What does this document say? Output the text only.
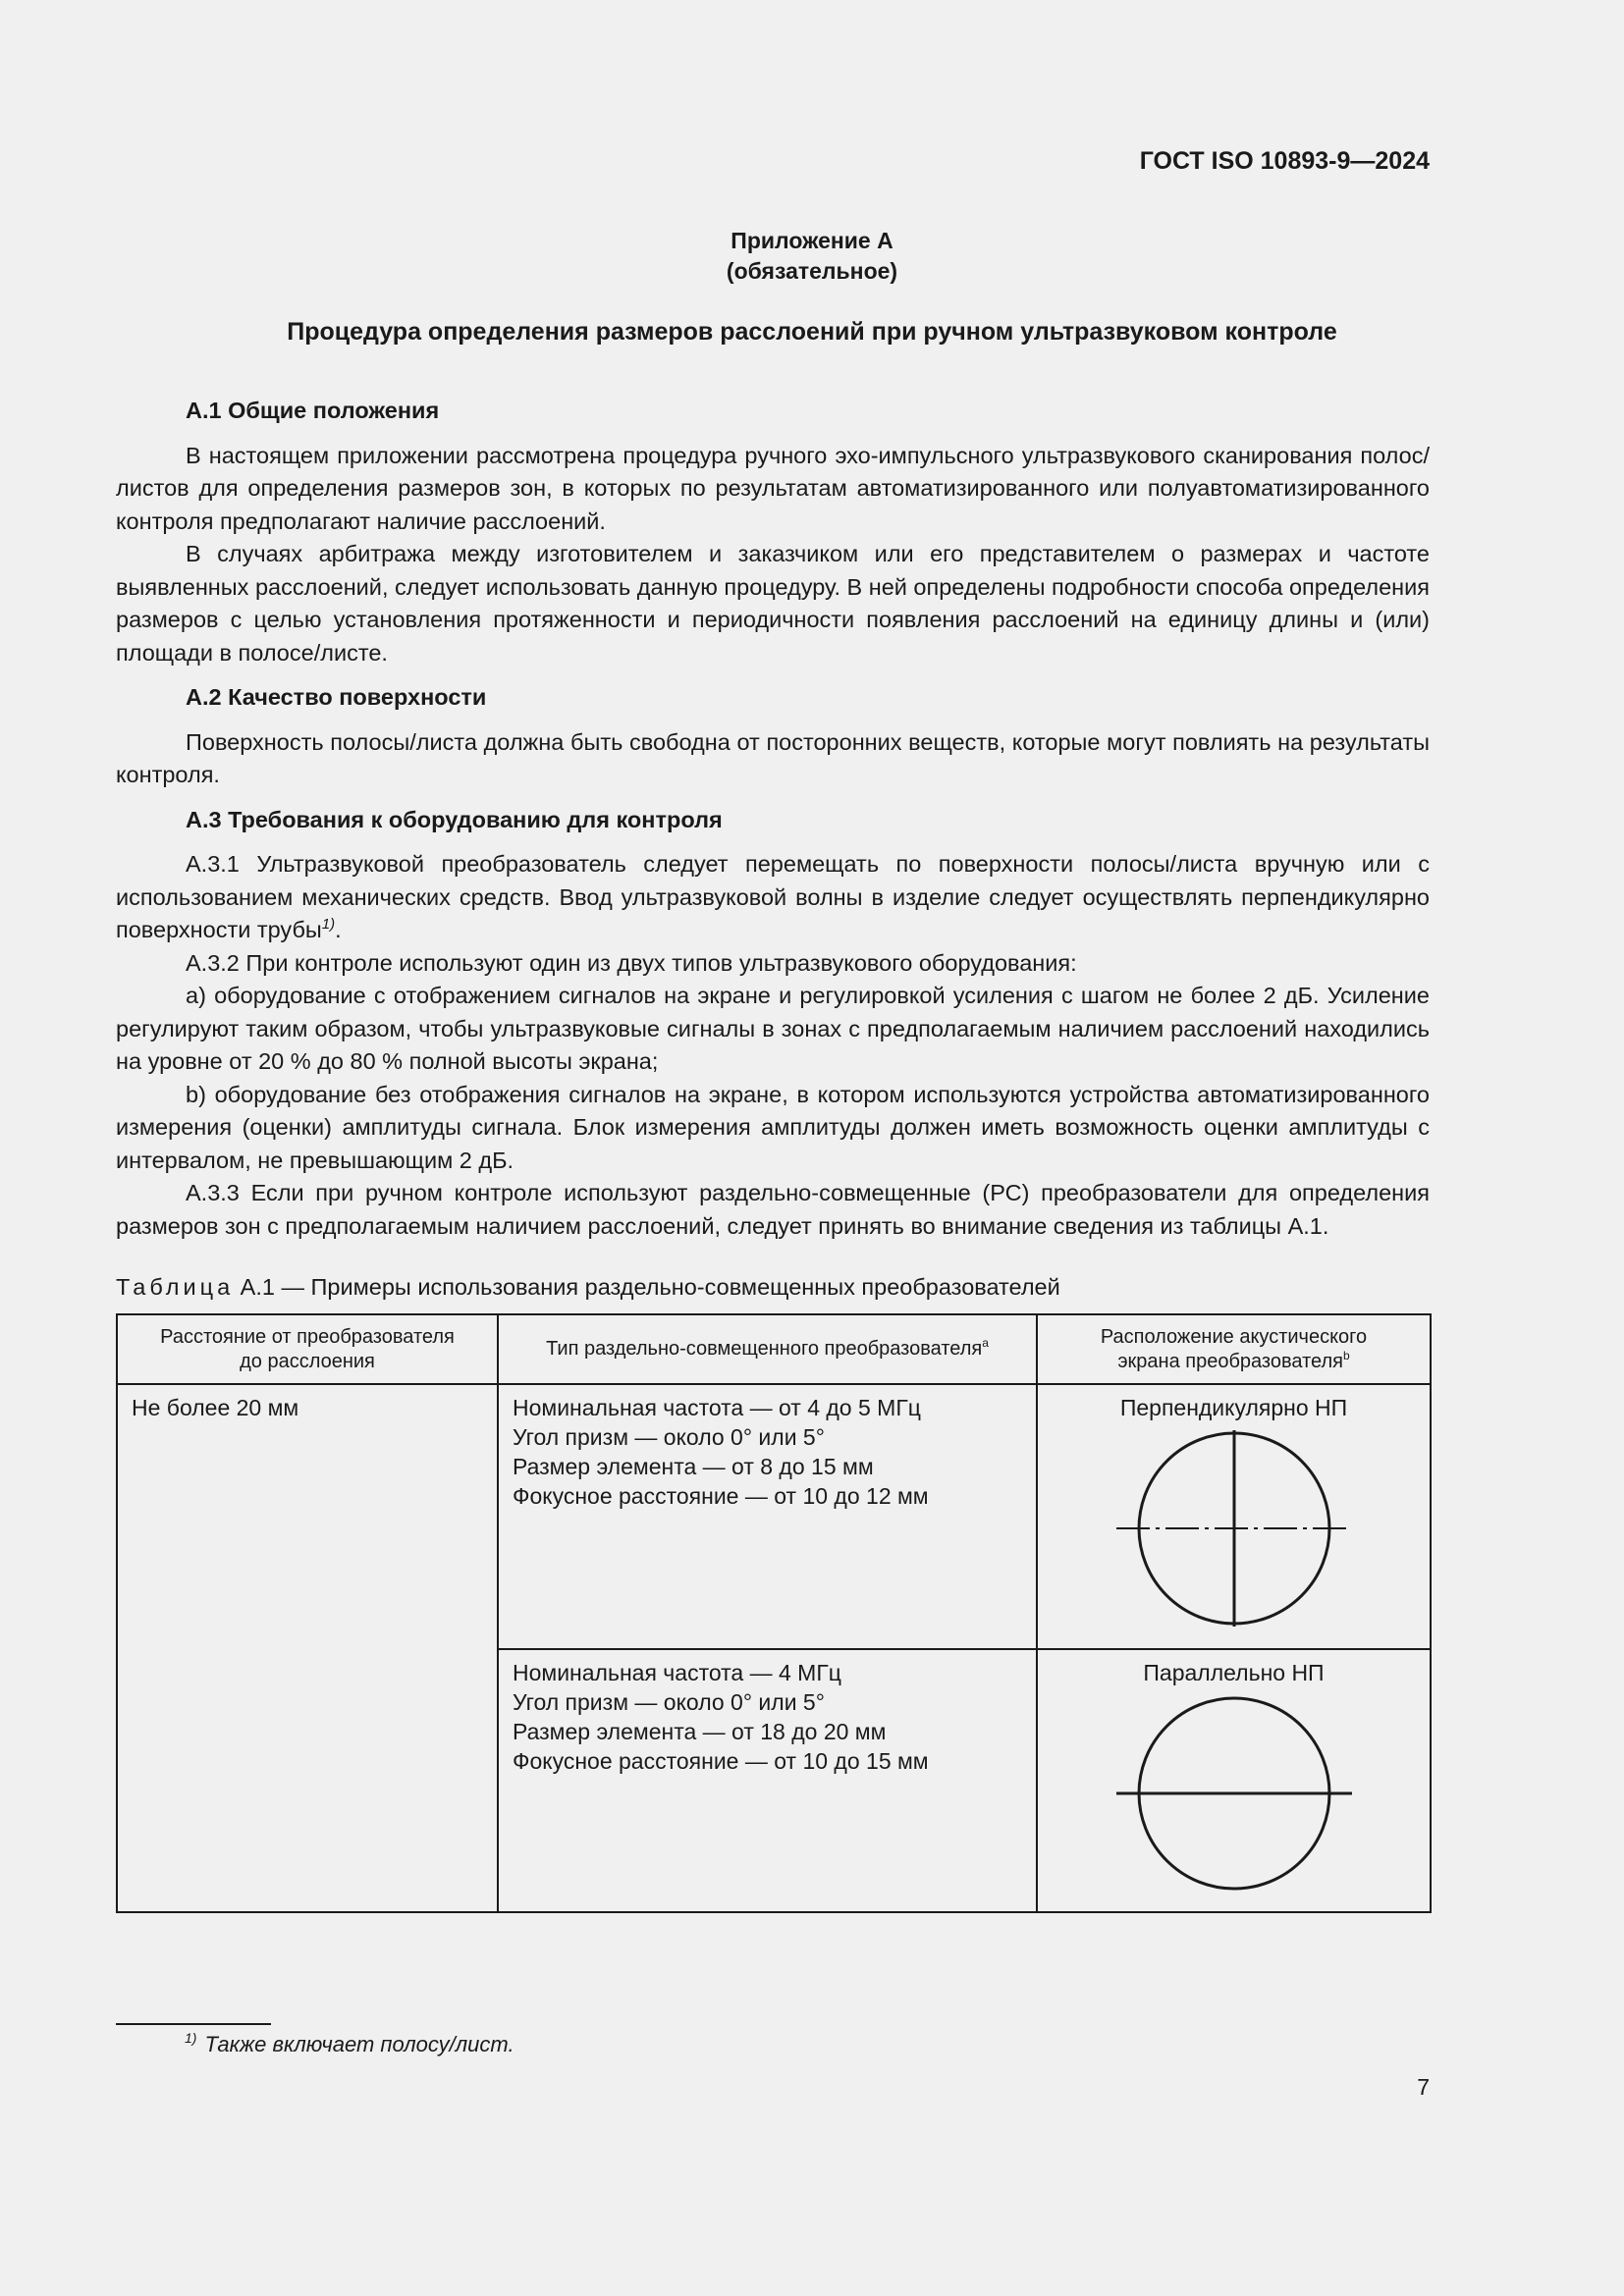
ГОСТ ISO 10893-9—2024
Приложение А
(обязательное)
Процедура определения размеров расслоений при ручном ультразвуковом контроле

А.1 Общие положения

В настоящем приложении рассмотрена процедура ручного эхо-импульсного ультразвукового сканирования полос/листов для определения размеров зон, в которых по результатам автоматизированного или полуавтоматизированного контроля предполагают наличие расслоений.

В случаях арбитража между изготовителем и заказчиком или его представителем о размерах и частоте выявленных расслоений, следует использовать данную процедуру. В ней определены подробности способа определения размеров с целью установления протяженности и периодичности появления расслоений на единицу длины и (или) площади в полосе/листе.

А.2 Качество поверхности

Поверхность полосы/листа должна быть свободна от посторонних веществ, которые могут повлиять на результаты контроля.

А.3 Требования к оборудованию для контроля

А.3.1 Ультразвуковой преобразователь следует перемещать по поверхности полосы/листа вручную или с использованием механических средств. Ввод ультразвуковой волны в изделие следует осуществлять перпендикулярно поверхности трубы$^{1)}$.

А.3.2 При контроле используют один из двух типов ультразвукового оборудования:

a) оборудование с отображением сигналов на экране и регулировкой усиления с шагом не более 2 дБ. Усиление регулируют таким образом, чтобы ультразвуковые сигналы в зонах с предполагаемым наличием расслоений находились на уровне от 20 % до 80 % полной высоты экрана;

b) оборудование без отображения сигналов на экране, в котором используются устройства автоматизированного измерения (оценки) амплитуды сигнала. Блок измерения амплитуды должен иметь возможность оценки амплитуды с интервалом, не превышающим 2 дБ.

А.3.3 Если при ручном контроле используют раздельно-совмещенные (РС) преобразователи для определения размеров зон с предполагаемым наличием расслоений, следует принять во внимание сведения из таблицы А.1.

Таблица А.1 — Примеры использования раздельно-совмещенных преобразователей
Расстояние от преобразователя
до расслоения	Тип раздельно-совмещенного преобразователя$^a$	Расположение акустического
экрана преобразователя$^b$

Не более 20 мм	Номинальная частота — от 4 до 5 МГц
Угол призм — около 0° или 5°
Размер элемента — от 8 до 15 мм
Фокусное расстояние — от 10 до 12 мм	Перпендикулярно НП

	Номинальная частота — 4 МГц
Угол призм — около 0° или 5°
Размер элемента — от 18 до 20 мм
Фокусное расстояние — от 10 до 15 мм	Параллельно НП
$^{1)}$ Также включает полосу/лист.
7
